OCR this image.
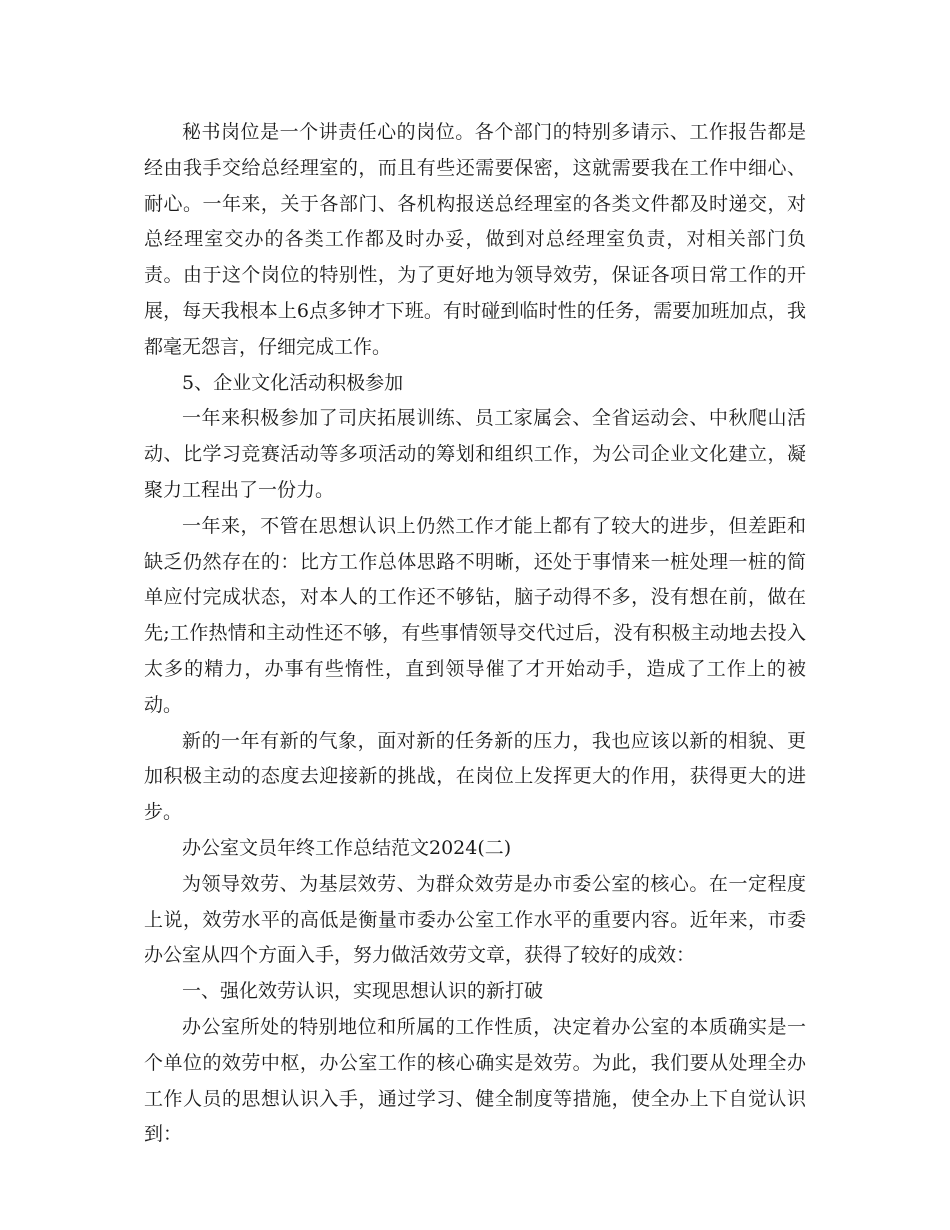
秘书岗位是一个讲责任心的岗位。各个部门的特别多请示、工作报告都是经由我手交给总经理室的，而且有些还需要保密，这就需要我在工作中细心、耐心。一年来，关于各部门、各机构报送总经理室的各类文件都及时递交，对总经理室交办的各类工作都及时办妥，做到对总经理室负责，对相关部门负责。由于这个岗位的特别性，为了更好地为领导效劳，保证各项日常工作的开展，每天我根本上6点多钟才下班。有时碰到临时性的任务，需要加班加点，我都毫无怨言，仔细完成工作。

5、企业文化活动积极参加

一年来积极参加了司庆拓展训练、员工家属会、全省运动会、中秋爬山活动、比学习竞赛活动等多项活动的筹划和组织工作，为公司企业文化建立，凝聚力工程出了一份力。

一年来，不管在思想认识上仍然工作才能上都有了较大的进步，但差距和缺乏仍然存在的：比方工作总体思路不明晰，还处于事情来一桩处理一桩的简单应付完成状态，对本人的工作还不够钻，脑子动得不多，没有想在前，做在先;工作热情和主动性还不够，有些事情领导交代过后，没有积极主动地去投入太多的精力，办事有些惰性，直到领导催了才开始动手，造成了工作上的被动。

新的一年有新的气象，面对新的任务新的压力，我也应该以新的相貌、更加积极主动的态度去迎接新的挑战，在岗位上发挥更大的作用，获得更大的进步。

办公室文员年终工作总结范文2024(二)

为领导效劳、为基层效劳、为群众效劳是办市委公室的核心。在一定程度上说，效劳水平的高低是衡量市委办公室工作水平的重要内容。近年来，市委办公室从四个方面入手，努力做活效劳文章，获得了较好的成效：

一、强化效劳认识，实现思想认识的新打破

办公室所处的特别地位和所属的工作性质，决定着办公室的本质确实是一个单位的效劳中枢，办公室工作的核心确实是效劳。为此，我们要从处理全办工作人员的思想认识入手，通过学习、健全制度等措施，使全办上下自觉认识到：
